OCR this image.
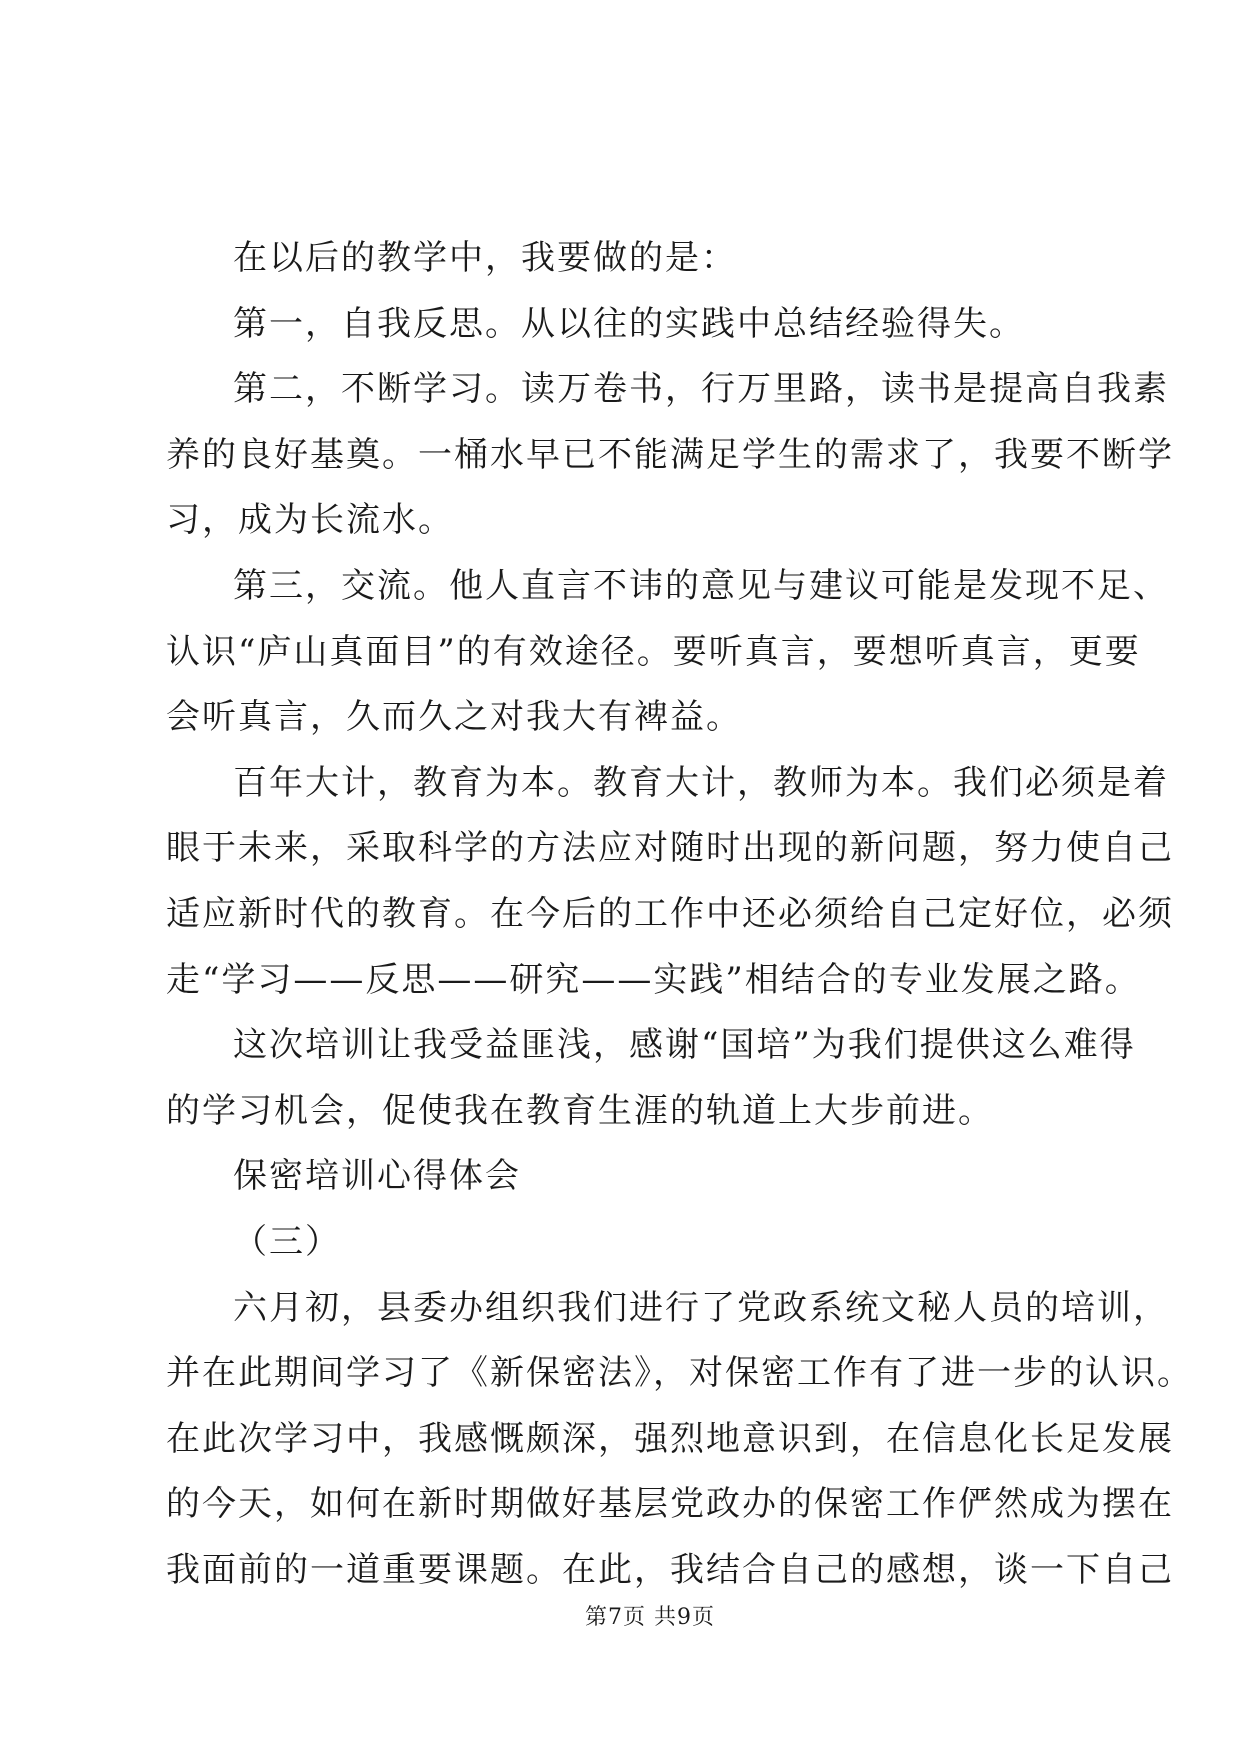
在以后的教学中，我要做的是：
第一，自我反思。从以往的实践中总结经验得失。
第二，不断学习。读万卷书，行万里路，读书是提高自我素
养的良好基奠。一桶水早已不能满足学生的需求了，我要不断学
习，成为长流水。
第三，交流。他人直言不讳的意见与建议可能是发现不足、
认识“庐山真面目”的有效途径。要听真言，要想听真言，更要
会听真言，久而久之对我大有裨益。
百年大计，教育为本。教育大计，教师为本。我们必须是着
眼于未来，采取科学的方法应对随时出现的新问题，努力使自己
适应新时代的教育。在今后的工作中还必须给自己定好位，必须
走“学习——反思——研究——实践”相结合的专业发展之路。
这次培训让我受益匪浅，感谢“国培”为我们提供这么难得
的学习机会，促使我在教育生涯的轨道上大步前进。
保密培训心得体会
（三）
六月初，县委办组织我们进行了党政系统文秘人员的培训，
并在此期间学习了《新保密法》，对保密工作有了进一步的认识。
在此次学习中，我感慨颇深，强烈地意识到，在信息化长足发展
的今天，如何在新时期做好基层党政办的保密工作俨然成为摆在
我面前的一道重要课题。在此，我结合自己的感想，谈一下自己
第7页 共9页
